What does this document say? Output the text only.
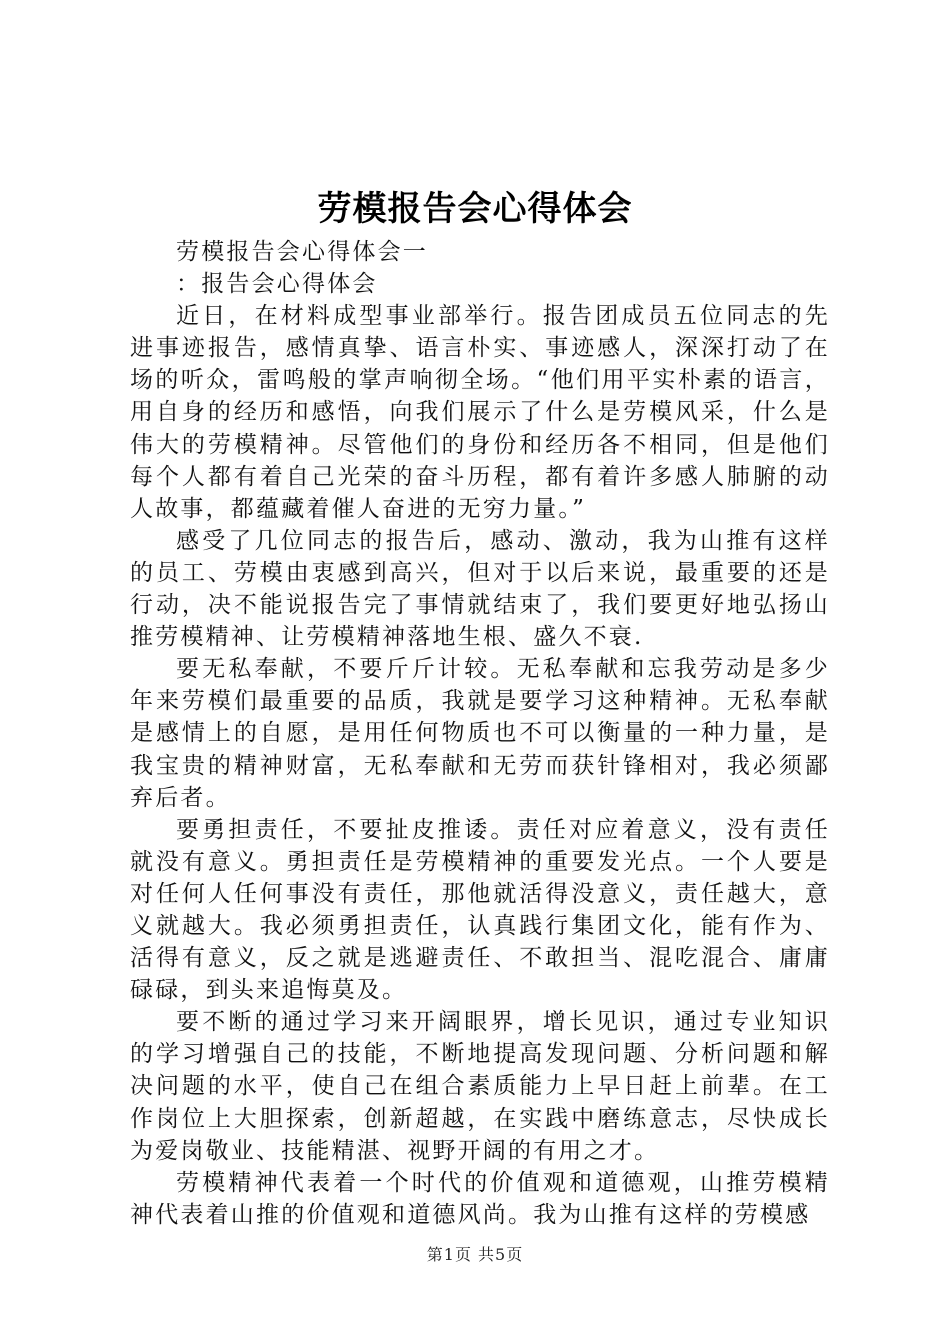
劳模报告会心得体会

劳模报告会心得体会一

：报告会心得体会

近日，在材料成型事业部举行。报告团成员五位同志的先进事迹报告，感情真挚、语言朴实、事迹感人，深深打动了在场的听众，雷鸣般的掌声响彻全场。“他们用平实朴素的语言，用自身的经历和感悟，向我们展示了什么是劳模风采，什么是伟大的劳模精神。尽管他们的身份和经历各不相同，但是他们每个人都有着自己光荣的奋斗历程，都有着许多感人肺腑的动人故事，都蕴藏着催人奋进的无穷力量。”

感受了几位同志的报告后，感动、激动，我为山推有这样的员工、劳模由衷感到高兴，但对于以后来说，最重要的还是行动，决不能说报告完了事情就结束了，我们要更好地弘扬山推劳模精神、让劳模精神落地生根、盛久不衰.

要无私奉献，不要斤斤计较。无私奉献和忘我劳动是多少年来劳模们最重要的品质，我就是要学习这种精神。无私奉献是感情上的自愿，是用任何物质也不可以衡量的一种力量，是我宝贵的精神财富，无私奉献和无劳而获针锋相对，我必须鄙弃后者。

要勇担责任，不要扯皮推诿。责任对应着意义，没有责任就没有意义。勇担责任是劳模精神的重要发光点。一个人要是对任何人任何事没有责任，那他就活得没意义，责任越大，意义就越大。我必须勇担责任，认真践行集团文化，能有作为、活得有意义，反之就是逃避责任、不敢担当、混吃混合、庸庸碌碌，到头来追悔莫及。

要不断的通过学习来开阔眼界，增长见识，通过专业知识的学习增强自己的技能，不断地提高发现问题、分析问题和解决问题的水平，使自己在组合素质能力上早日赶上前辈。在工作岗位上大胆探索，创新超越，在实践中磨练意志，尽快成长为爱岗敬业、技能精湛、视野开阔的有用之才。

劳模精神代表着一个时代的价值观和道德观，山推劳模精神代表着山推的价值观和道德风尚。我为山推有这样的劳模感

第1页 共5页
